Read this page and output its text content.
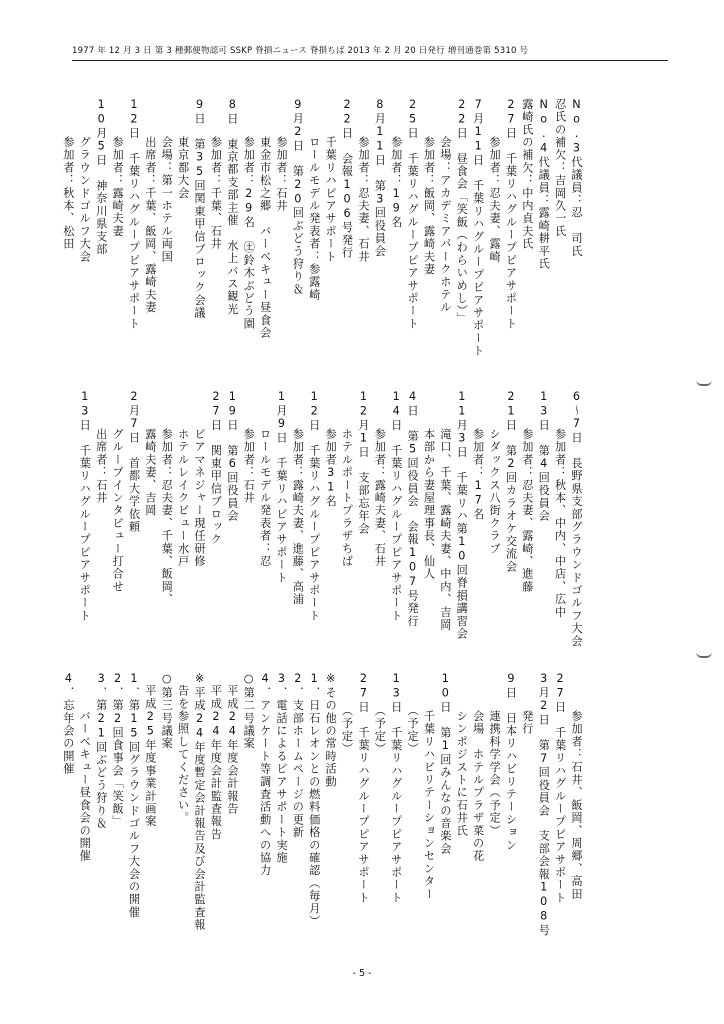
1977 年 12 月 3 日 第 3 種郵便物認可 SSKP 脊損ニュース 脊損ちば 2013 年 2 月 20 日発行 増刊通巻第 5310 号
No.3代議員：忍　司氏
忍氏の補欠：吉岡久一氏
No.4代議員：露崎耕平氏
露崎氏の補欠：中内貞夫氏
27日　千葉リハグループピアサポート
　　　参加者：忍夫妻、露崎
7月11日　千葉リハグループピアサポート
22日　昼食会「笑飯（わらいめし）」
　　　会場：アカデミアパークホテル
　　　参加者：飯岡、露崎夫妻
25日　千葉リハグループピアサポート
　　　参加者：19名
8月11日　第3回役員会
　　　参加者：忍夫妻、石井
22日　会報106号発行
　　　千葉リハピアサポート
　　　ロールモデル発表者：参露崎
9月2日　第20回ぶどう狩り＆
　　　参加者：石井
　　　東金市松之郷　バーベキュー昼食会
　　　参加者：29名　㊏鈴木ぶどう園
8日　東京都支部主催　水上バス観光
　　　参加者：千葉、石井
9日　第35回関東甲信ブロック会議
　　　東京都大会
　　　会場：第一ホテル両国
　　　出席者：千葉、飯岡、露崎夫妻
12日　千葉リハグループピアサポート
　　　参加者：露崎夫妻
10月5日　神奈川県支部
　　　グラウンドゴルフ大会
　　　参加者：秋本、松田
6〜7日　長野県支部グラウンドゴルフ大会
　　　参加者：秋本、中内、中店、広中
13日　第4回役員会
　　　参加者：忍夫妻、露崎、進藤
21日　第2回カラオケ交流会
　　　シダックス八街クラブ
　　　参加者：17名
11月3日　千葉リハ第10回脊損講習会
　　　滝口、千葉、露崎夫妻、中内、吉岡
　　　本部から妻屋理事長、仙人
4日　第5回役員会　会報107号発行
14日　千葉リハグループピアサポート
　　　参加者：露崎夫妻、石井
12月1日　支部忘年会
　　　ホテルポートプラザちば
　　　参加者31名
12日　千葉リハグループピアサポート
　　　参加者：露崎夫妻、進藤、高浦
1月9日　千葉リハピアサポート
　　　ロールモデル発表者：忍
　　　参加者：石井
19日　第6回役員会
27日　関東甲信ブロック
　　　ピアマネジャー現任研修
　　　ホテルレイクビュー水戸
　　　参加者：忍夫妻、千葉、飯岡、
　　　露崎夫妻、吉岡
2月7日　首都大学依頼
　　　グループインタビュー打合せ
　　　出席者：石井
13日　千葉リハグループピアサポート
　　　参加者：石井、飯岡、周郷、高田
27日　千葉リハグループピアサポート
3月2日　第7回役員会　支部会報108号
　　　発行
9日　日本リハビリテーション
　　　連携科学学会（予定）
　　　会場　ホテルプラザ菜の花
　　　シンポジストに石井氏
10日　第1回みんなの音楽会
　　　千葉リハビリテーションセンター
　　　（予定）
13日　千葉リハグループピアサポート
　　　（予定）
27日　千葉リハグループピアサポート
　　　（予定）
※その他の常時活動
1．日石レオンとの燃料価格の確認（毎月）
2．支部ホームページの更新
3．電話によるピアサポート実施
4．アンケート等調査活動への協力
○第二号議案
　平成24年度会計報告
　平成24年度会計監査報告
※平成24年度暫定会計報告及び会計監査報
　告を参照してください。
○第三号議案
　平成25年度事業計画案
1．第15回グラウンドゴルフ大会の開催
2．第2回食事会「笑飯」
3．第21回ぶどう狩り＆
　　　バーベキュー昼食会の開催
4．忘年会の開催
- 5 -
